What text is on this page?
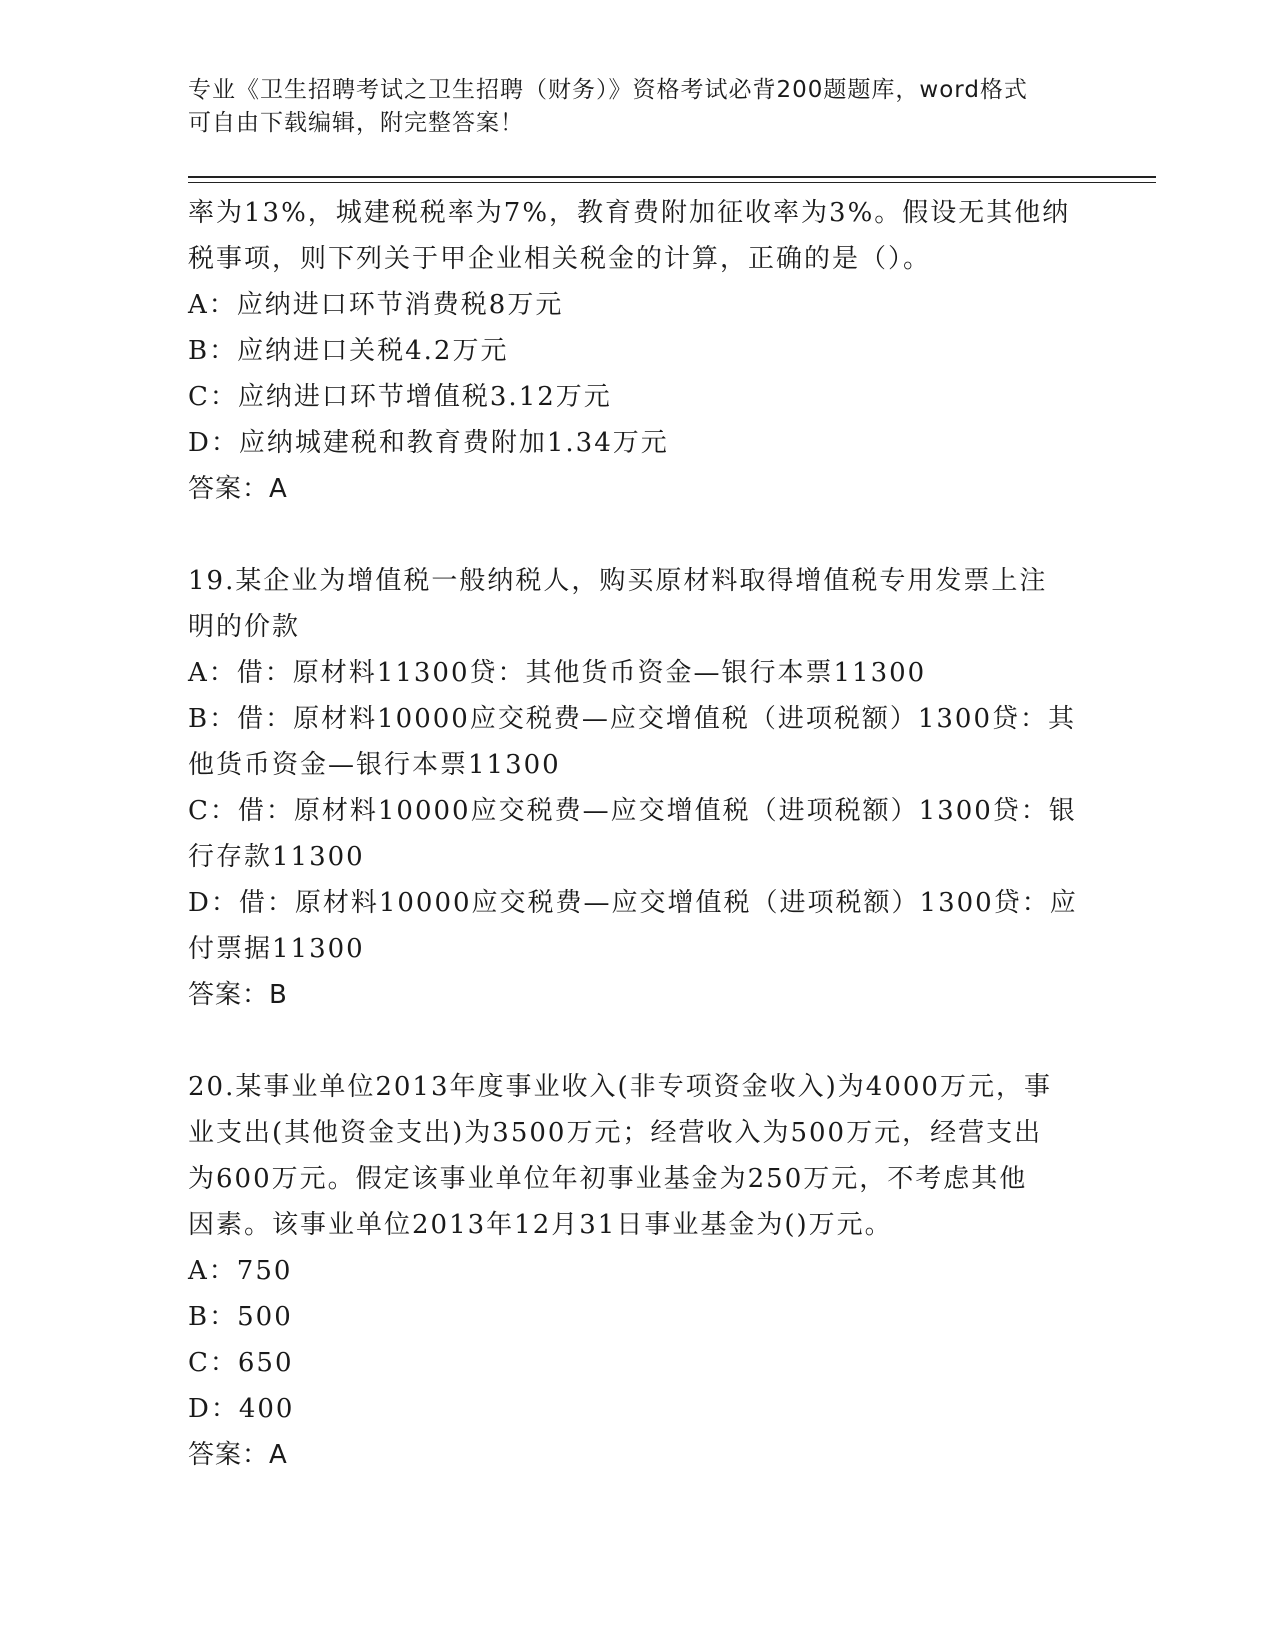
专业《卫生招聘考试之卫生招聘（财务）》资格考试必背200题题库，word格式
可自由下载编辑，附完整答案！
率为13%，城建税税率为7%，教育费附加征收率为3%。假设无其他纳
税事项，则下列关于甲企业相关税金的计算，正确的是（）。
A：应纳进口环节消费税8万元
B：应纳进口关税4.2万元
C：应纳进口环节增值税3.12万元
D：应纳城建税和教育费附加1.34万元
答案：A
19.某企业为增值税一般纳税人，购买原材料取得增值税专用发票上注
明的价款
A：借：原材料11300贷：其他货币资金—银行本票11300
B：借：原材料10000应交税费—应交增值税（进项税额）1300贷：其
他货币资金—银行本票11300
C：借：原材料10000应交税费—应交增值税（进项税额）1300贷：银
行存款11300
D：借：原材料10000应交税费—应交增值税（进项税额）1300贷：应
付票据11300
答案：B
20.某事业单位2013年度事业收入(非专项资金收入)为4000万元，事
业支出(其他资金支出)为3500万元；经营收入为500万元，经营支出
为600万元。假定该事业单位年初事业基金为250万元，不考虑其他
因素。该事业单位2013年12月31日事业基金为()万元。
A：750
B：500
C：650
D：400
答案：A
